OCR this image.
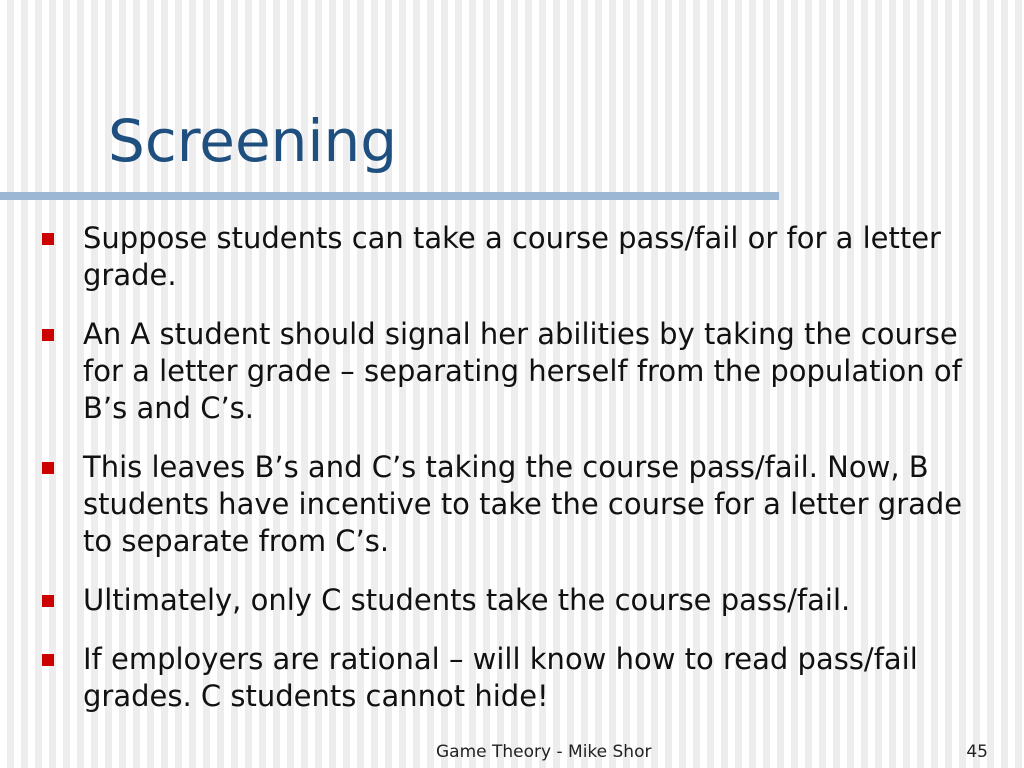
Screening
Suppose students can take a course pass/fail or for a letter grade.
An A student should signal her abilities by taking the course for a letter grade – separating herself from the population of B’s and C’s.
This leaves B’s and C’s taking the course pass/fail. Now, B students have incentive to take the course for a letter grade to separate from C’s.
Ultimately, only C students take the course pass/fail.
If employers are rational – will know how to read pass/fail grades. C students cannot hide!
Game Theory - Mike Shor	45
